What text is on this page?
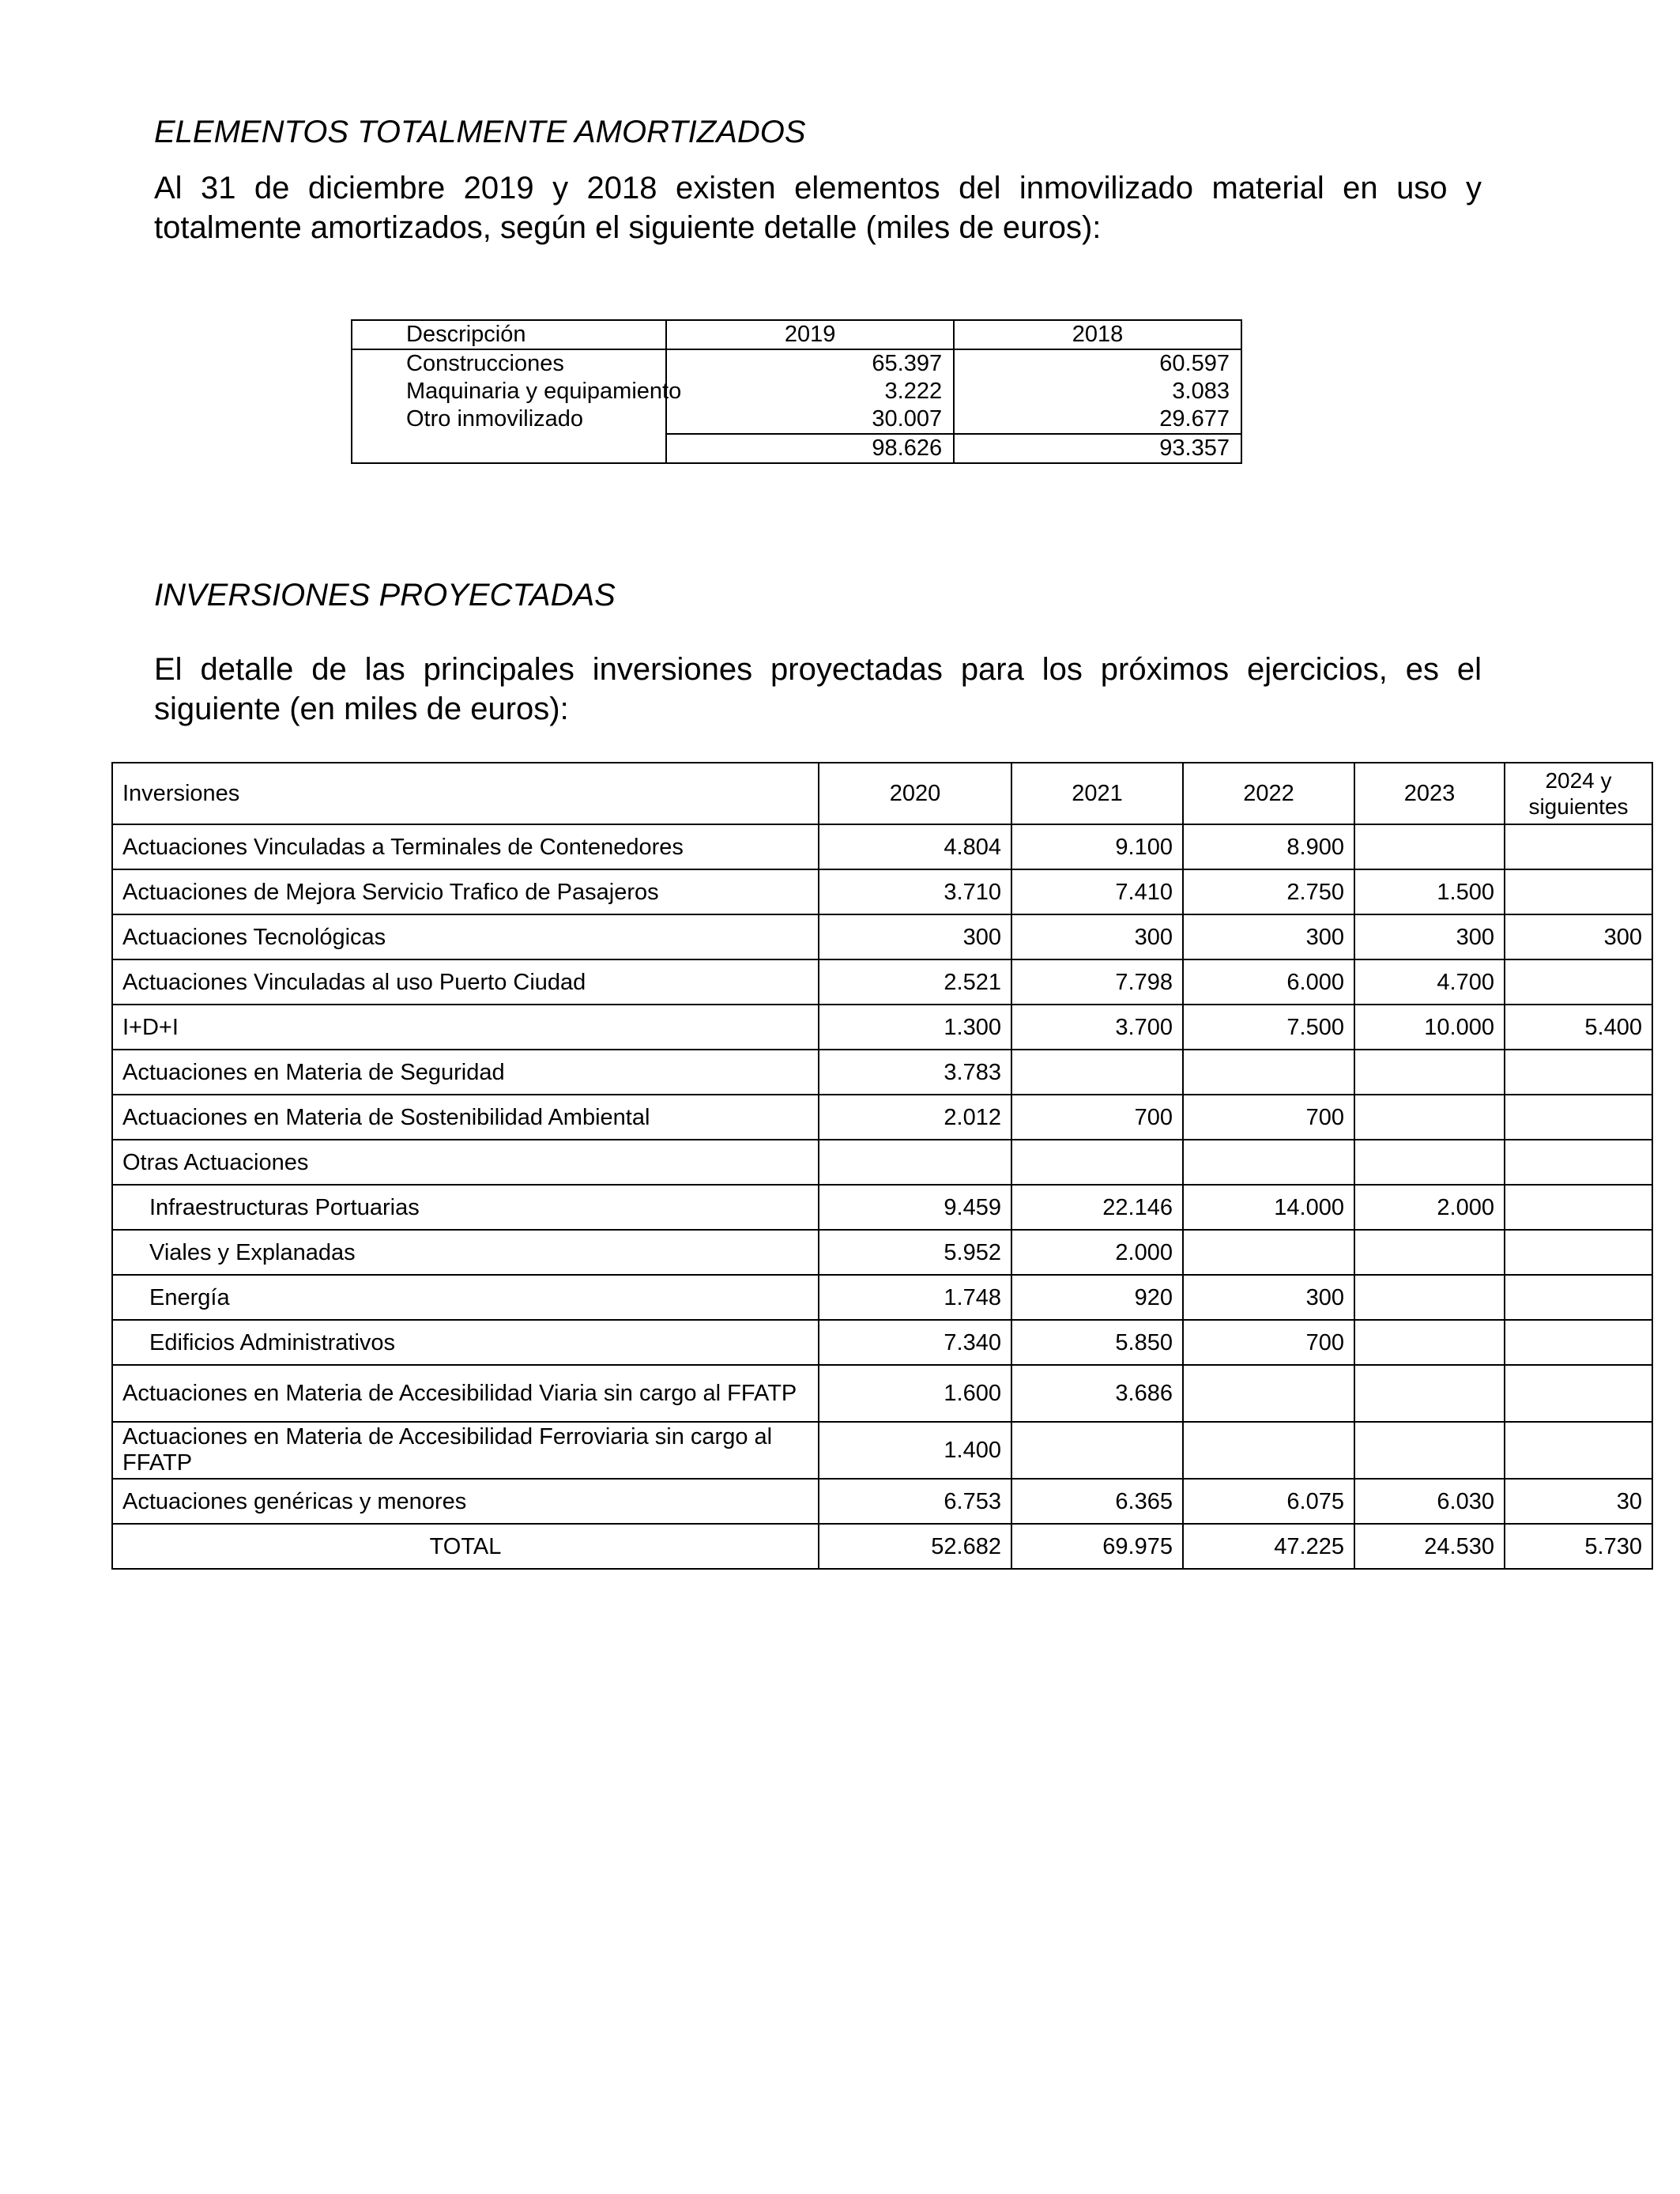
ELEMENTOS TOTALMENTE AMORTIZADOS

Al 31 de diciembre 2019 y 2018 existen elementos del inmovilizado material en uso y totalmente amortizados, según el siguiente detalle (miles de euros):

Descripción	2019	2018
Construcciones	65.397	60.597
Maquinaria y equipamiento	3.222	3.083
Otro inmovilizado	30.007	29.677
	98.626	93.357
INVERSIONES PROYECTADAS

El detalle de las principales inversiones proyectadas para los próximos ejercicios, es el siguiente (en miles de euros):

Inversiones	2020	2021	2022	2023	2024 y siguientes
Actuaciones Vinculadas a Terminales de Contenedores	4.804	9.100	8.900		
Actuaciones de Mejora Servicio Trafico de Pasajeros	3.710	7.410	2.750	1.500	
Actuaciones Tecnológicas	300	300	300	300	300
Actuaciones Vinculadas al uso Puerto Ciudad	2.521	7.798	6.000	4.700	
I+D+I	1.300	3.700	7.500	10.000	5.400
Actuaciones en Materia de Seguridad	3.783				
Actuaciones en Materia de Sostenibilidad Ambiental	2.012	700	700		
Otras Actuaciones					
Infraestructuras Portuarias	9.459	22.146	14.000	2.000	
Viales y Explanadas	5.952	2.000			
Energía	1.748	920	300		
Edificios Administrativos	7.340	5.850	700		
Actuaciones en Materia de Accesibilidad Viaria sin cargo al FFATP	1.600	3.686			
Actuaciones en Materia de Accesibilidad Ferroviaria sin cargo al FFATP	1.400				
Actuaciones genéricas y menores	6.753	6.365	6.075	6.030	30
TOTAL	52.682	69.975	47.225	24.530	5.730
